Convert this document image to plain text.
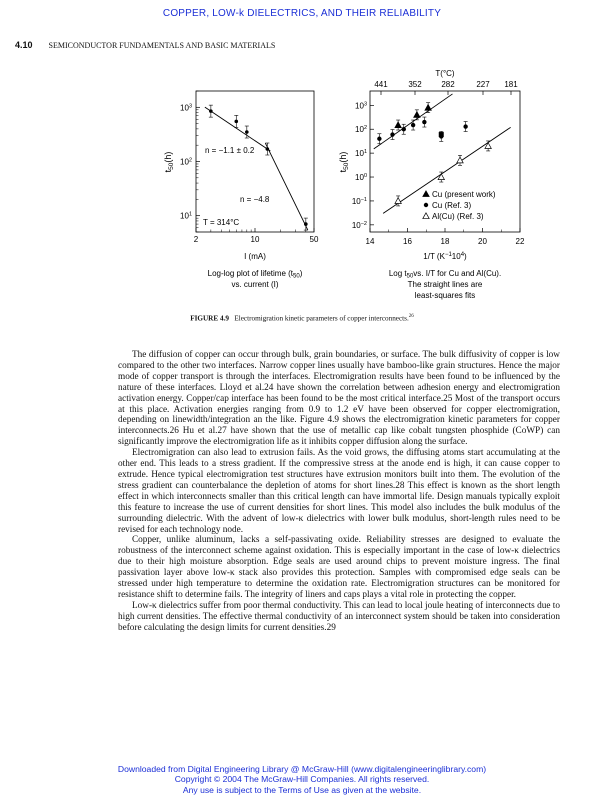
COPPER, LOW-k DIELECTRICS, AND THEIR RELIABILITY
4.10 SEMICONDUCTOR FUNDAMENTALS AND BASIC MATERIALS
2	10	50
$10^3$
$10^2$
$10^1$
n = −1.1 ± 0.2
n = −4.8
T = 314°C
I (mA)
$t_{50}(h)$
Log-log plot of lifetime (t50)
vs. current (I)
T(°C)
441	352 282	227 181
14	16	18	20	22
$10^3$
$10^2$
$10^1$
$10^0$
$10^{-1}$
$10^{-2}$
Cu (present work)
Cu (Ref. 3)
Al(Cu) (Ref. 3)
1/T $(K^{-1}10^4)$
$t_{50}(h)$
Log t50vs. I/T for Cu and Al(Cu).
The straight lines are
least-squares fits
FIGURE 4.9 Electromigration kinetic parameters of copper interconnects.$^{26}$

The diffusion of copper can occur through bulk, grain boundaries, or surface. The bulk diffusivity of copper is low compared to the other two interfaces. Narrow copper lines usually have bamboo-like grain structures. Hence the major mode of copper transport is through the interfaces. Electromigration results have been found to be influenced by the nature of these interfaces. Lloyd et al.24 have shown the correlation between adhesion energy and electromigration activation energy. Copper/cap interface has been found to be the most critical interface.25 Most of the transport occurs at this place. Activation energies ranging from 0.9 to 1.2 eV have been observed for copper electromigration, depending on linewidth/integration an the like. Figure 4.9 shows the electromigration kinetic parameters for copper interconnects.26 Hu et al.27 have shown that the use of metallic cap like cobalt tungsten phosphide (CoWP) can significantly improve the electromigration life as it inhibits copper diffusion along the surface.

Electromigration can also lead to extrusion fails. As the void grows, the diffusing atoms start accumulating at the other end. This leads to a stress gradient. If the compressive stress at the anode end is high, it can cause copper to extrude. Hence typical electromigration test structures have extrusion monitors built into them. The evolution of the stress gradient can counterbalance the depletion of atoms for short lines.28 This effect is known as the short length effect in which interconnects smaller than this critical length can have immortal life. Design manuals typically exploit this feature to increase the use of current densities for short lines. This model also includes the bulk modulus of the surrounding dielectric. With the advent of low-κ dielectrics with lower bulk modulus, short-length rules need to be revised for each technology node.

Copper, unlike aluminum, lacks a self-passivating oxide. Reliability stresses are designed to evaluate the robustness of the interconnect scheme against oxidation. This is especially important in the case of low-κ dielectrics due to their high moisture absorption. Edge seals are used around chips to prevent moisture ingress. The final passivation layer above low-κ stack also provides this protection. Samples with compromised edge seals can be stressed under high temperature to determine the oxidation rate. Electromigration structures can be monitored for resistance shift to determine fails. The integrity of liners and caps plays a vital role in protecting the copper.

Low-κ dielectrics suffer from poor thermal conductivity. This can lead to local joule heating of interconnects due to high current densities. The effective thermal conductivity of an interconnect system should be taken into consideration before calculating the design limits for current densities.29

Downloaded from Digital Engineering Library @ McGraw-Hill (www.digitalengineeringlibrary.com)
Copyright © 2004 The McGraw-Hill Companies. All rights reserved.
Any use is subject to the Terms of Use as given at the website.
